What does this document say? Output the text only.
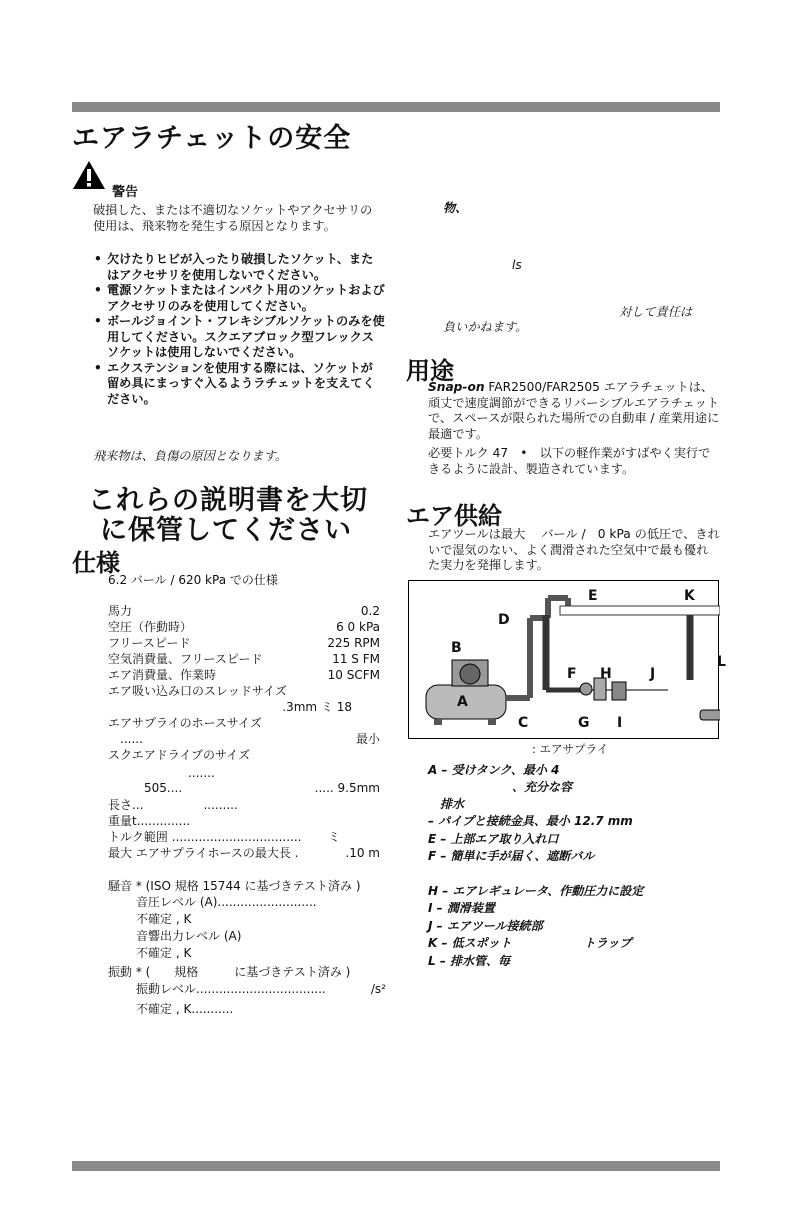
エアラチェットの安全
警告
破損した、または不適切なソケットやアクセサリの使用は、飛来物を発生する原因となります。
• 欠けたりヒビが入ったり破損したソケット、またはアクセサリを使用しないでください。
• 電源ソケットまたはインパクト用のソケットおよびアクセサリのみを使用してください。
• ボールジョイント・フレキシブルソケットのみを使用してください。スクエアブロック型フレックスソケットは使用しないでください。
• エクステンションを使用する際には、ソケットが留め具にまっすぐ入るようラチェットを支えてください。
飛来物は、負傷の原因となります。
物、
ls
対して責任は
負いかねます。
これらの説明書を大切
に保管してください
仕様
6.2 バール / 620 kPa での仕様
馬力	0.2
空圧（作動時）	6 0 kPa
フリースピード	225 RPM
空気消費量、フリースピード	11 S FM
エア消費量、作業時	10 SCFM
エア吸い込み口のスレッドサイズ
.3mm ミ 18
エアサプライのホースサイズ
......	最小
スクエアドライブのサイズ
.......
505....	..... 9.5mm
長さ...	.........
重量t..............
トルク範囲 .................................. ミ
最大 エアサプライホースの最大長 .	.10 m
騒音 * (ISO 規格 15744 に基づきテスト済み )
音圧レベル (A) ..........................
不確定 , K
音響出力レベル (A)
不確定 , K
振動 * (　　規格　　　に基づきテスト済み )
振動レベル ..................................	/s²
不確定 , K ...........
用途
Snap-on FAR2500/FAR2505 エアラチェットは、頑丈で速度調節ができるリバーシブルエアラチェットで、スペースが限られた場所での自動車 / 産業用途に最適です。
必要トルク 47　•　以下の軽作業がすばやく実行できるように設計、製造されています。
エア供給
エアツールは最大　 バール /　0 kPa の低圧で、きれいで湿気のない、よく潤滑された空気中で最も優れた実力を発揮します。
A
B
C
D
E
F
G
H
I
J
K
L
: エアサプライ
A – 受けタンク、最小 4
　　　　　　　、充分な容
　排水
– パイプと接続金具、最小 12.7 mm
E – 上部エア取り入れ口
F – 簡単に手が届く、遮断バル
H – エアレギュレータ、作動圧力に設定
I – 潤滑装置
J – エアツール接続部
K – 低スポット　　　　　　トラップ
L – 排水管、毎
